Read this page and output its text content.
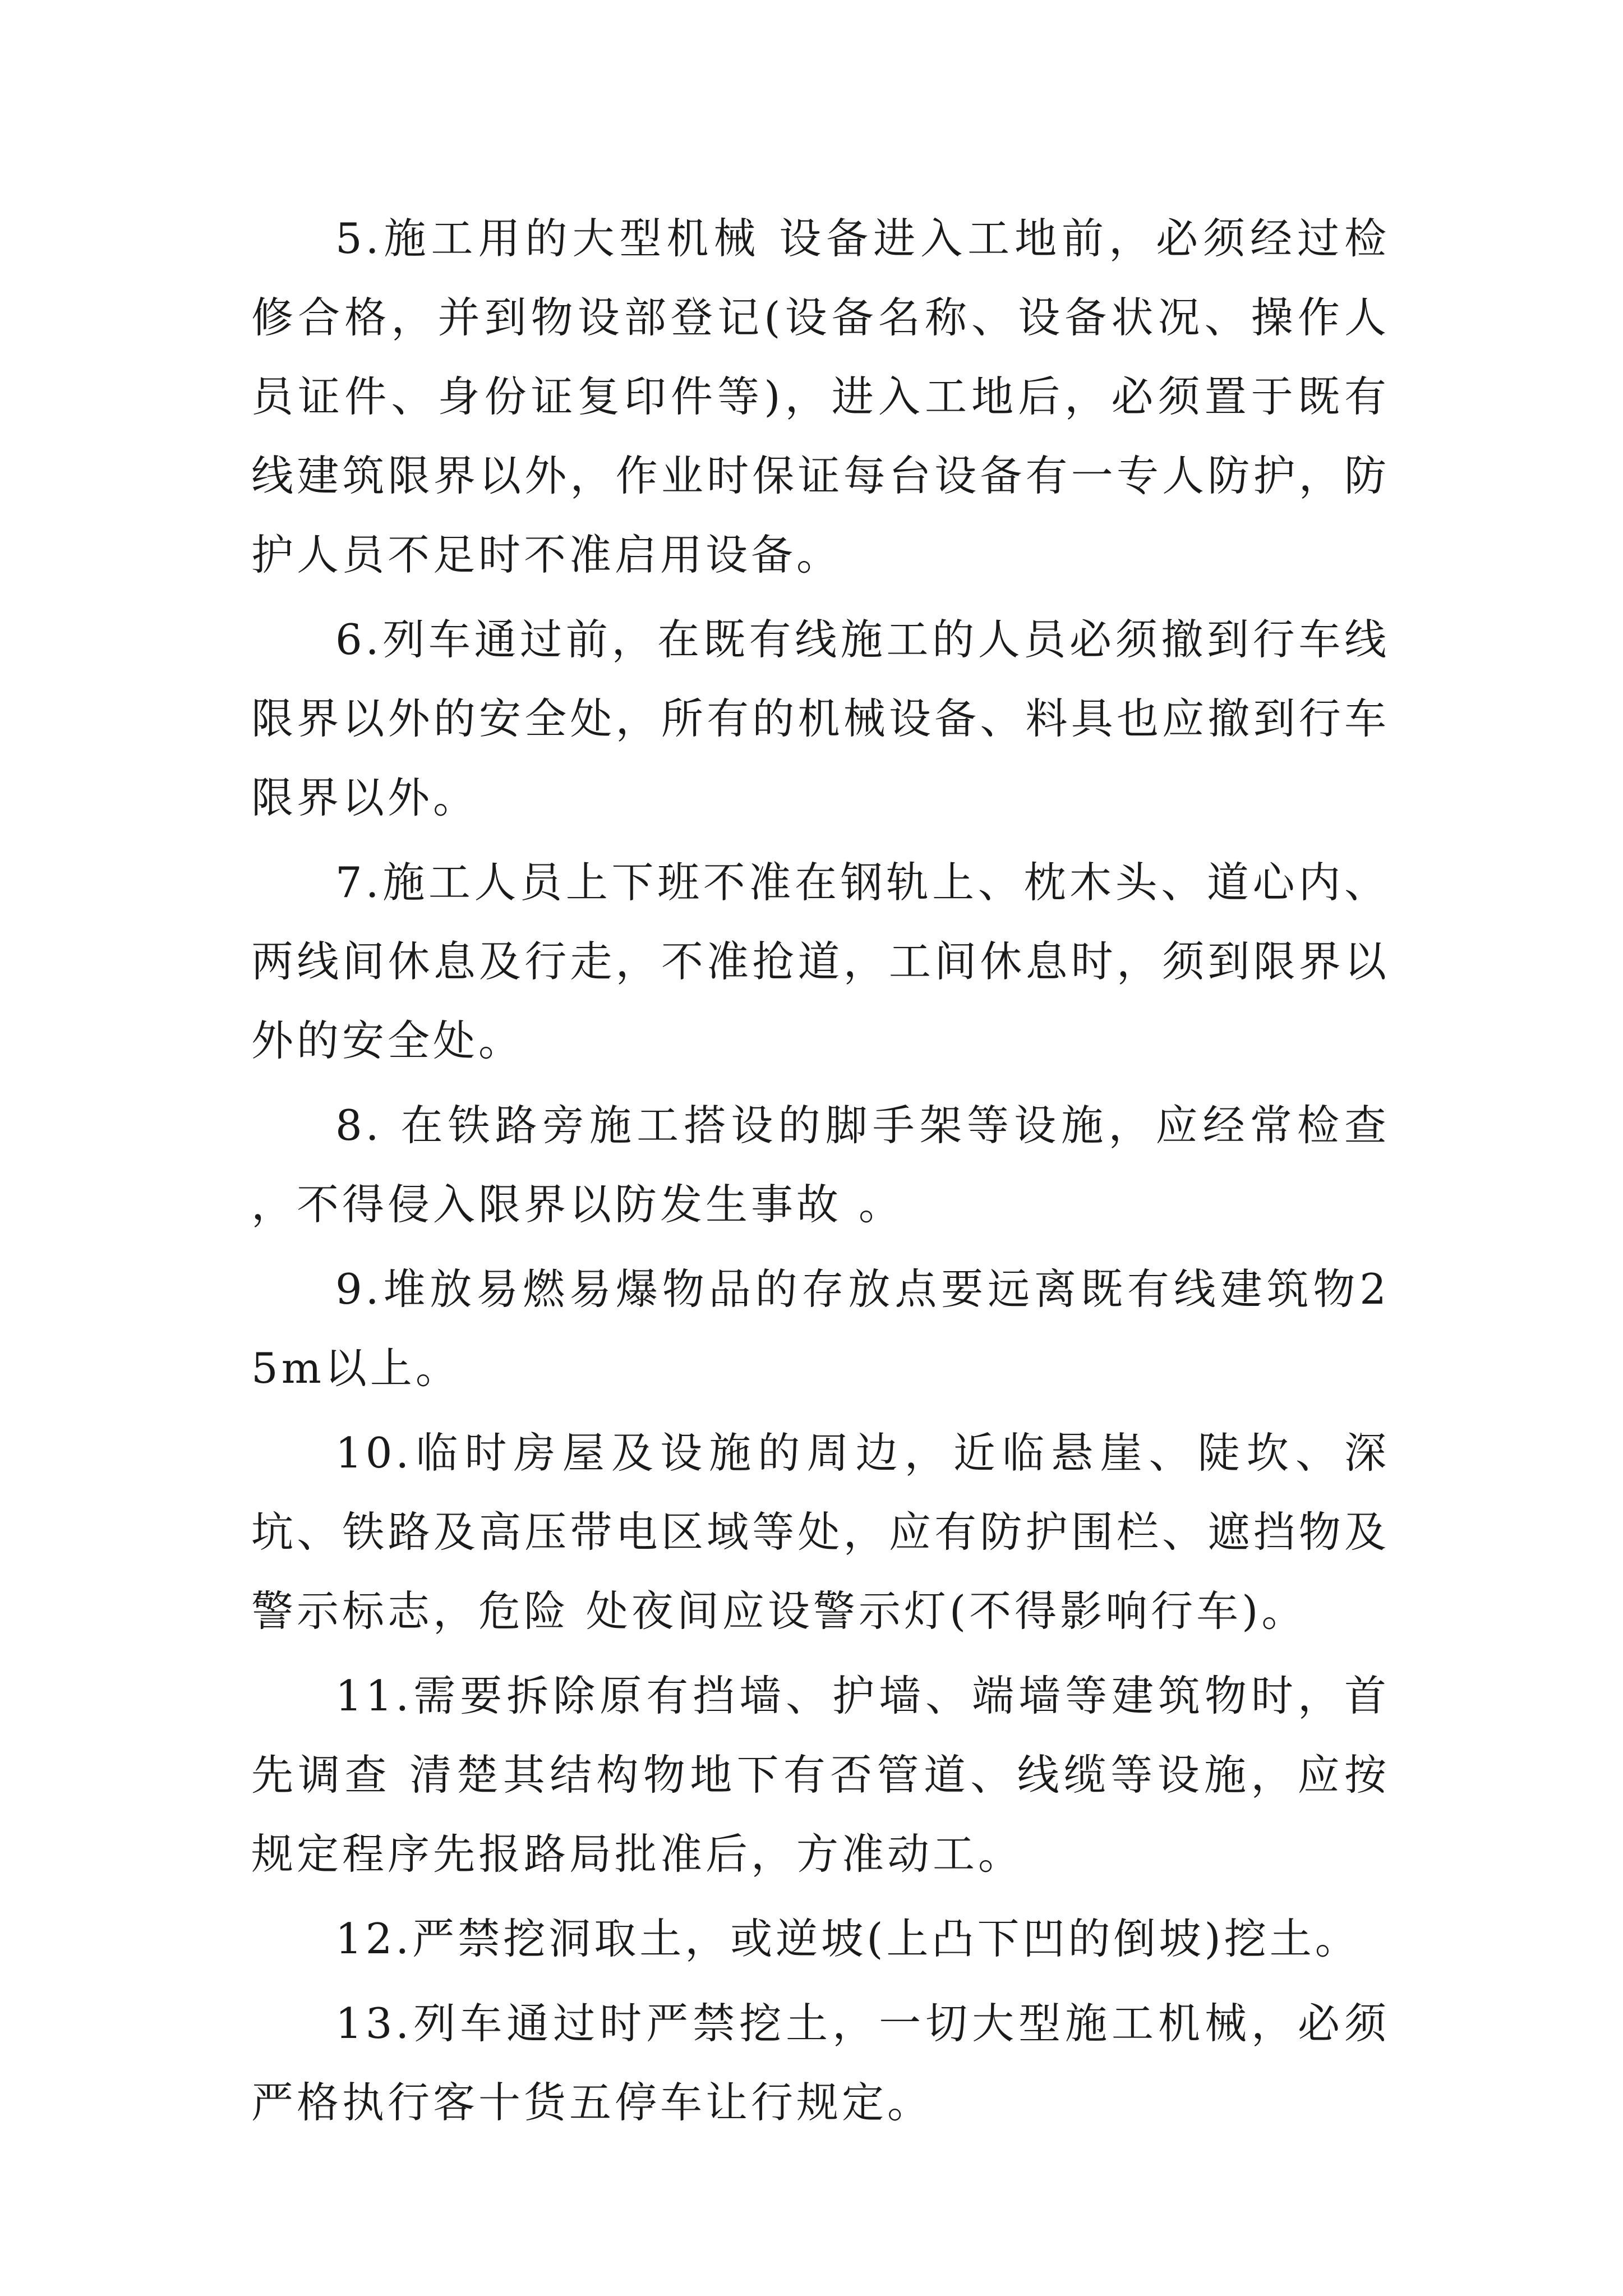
5.施工用的大型机械 设备进入工地前，必须经过检修合格，并到物设部登记(设备名称、设备状况、操作人员证件、身份证复印件等)，进入工地后，必须置于既有线建筑限界以外，作业时保证每台设备有一专人防护，防护人员不足时不准启用设备。

6.列车通过前，在既有线施工的人员必须撤到行车线限界以外的安全处，所有的机械设备、料具也应撤到行车限界以外。

7.施工人员上下班不准在钢轨上、枕木头、道心内、两线间休息及行走，不准抢道，工间休息时，须到限界以外的安全处。

8. 在铁路旁施工搭设的脚手架等设施，应经常检查 ，不得侵入限界以防发生事故 。

9.堆放易燃易爆物品的存放点要远离既有线建筑物25m以上。

10.临时房屋及设施的周边，近临悬崖、陡坎、深坑、铁路及高压带电区域等处，应有防护围栏、遮挡物及警示标志，危险 处夜间应设警示灯(不得影响行车)。

11.需要拆除原有挡墙、护墙、端墙等建筑物时，首先调查 清楚其结构物地下有否管道、线缆等设施，应按规定程序先报路局批准后，方准动工。

12.严禁挖洞取土，或逆坡(上凸下凹的倒坡)挖土。

13.列车通过时严禁挖土，一切大型施工机械，必须严格执行客十货五停车让行规定。
